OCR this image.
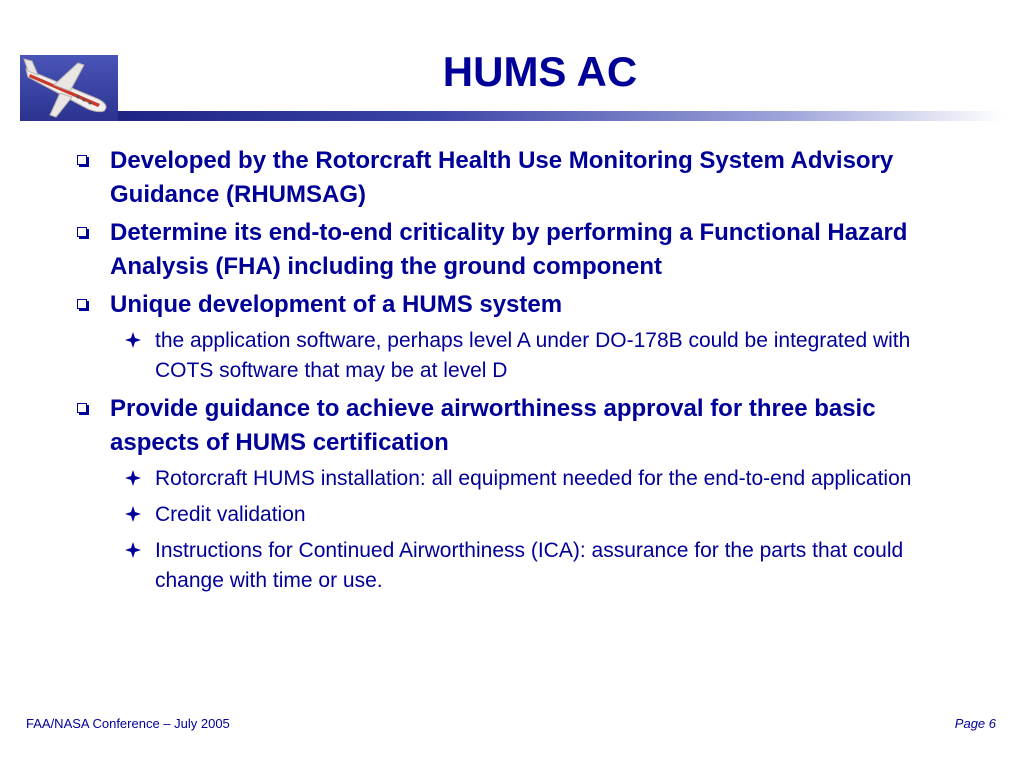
HUMS AC
Developed by the Rotorcraft Health Use Monitoring System Advisory Guidance (RHUMSAG)
Determine its end-to-end criticality by performing a Functional Hazard Analysis (FHA) including the ground component
Unique development of a HUMS system
the application software, perhaps level A under DO-178B could be integrated with COTS software that may be at level D
Provide guidance to achieve airworthiness approval for three basic aspects of HUMS certification
Rotorcraft HUMS installation: all equipment needed for the end-to-end application
Credit validation
Instructions for Continued Airworthiness (ICA): assurance for the parts that could change with time or use.
FAA/NASA Conference – July 2005	Page 6
